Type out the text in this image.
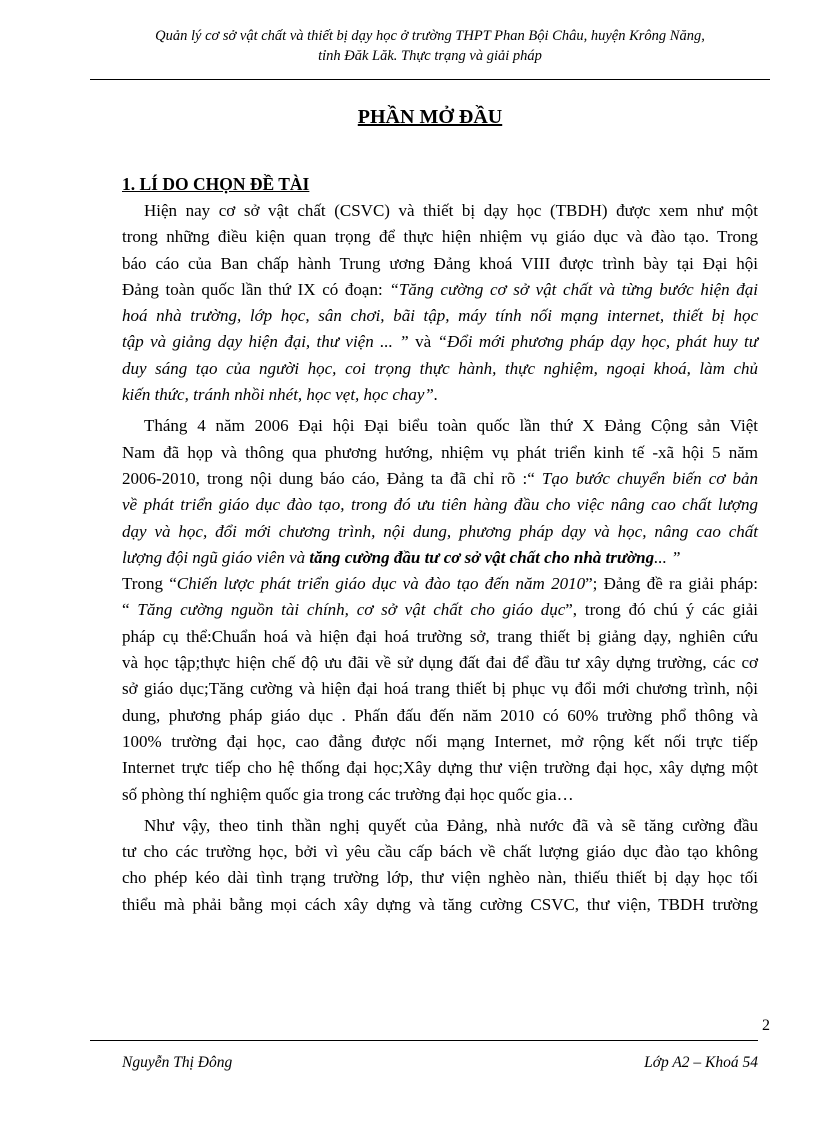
Quản lý cơ sở vật chất và thiết bị dạy học ở trường THPT Phan Bội Châu, huyện Krông Năng,
tỉnh Đăk Lăk. Thực trạng và giải pháp
PHẦN MỞ ĐẦU
1. LÍ DO CHỌN ĐỀ TÀI
Hiện nay cơ sở vật chất (CSVC) và thiết bị dạy học (TBDH) được xem như một
trong những điều kiện quan trọng để thực hiện nhiệm vụ giáo dục và đào tạo. Trong
báo cáo của Ban chấp hành Trung ương Đảng khoá VIII được trình bày tại Đại hội
Đảng toàn quốc lần thứ IX có đoạn: “Tăng cường cơ sở vật chất và từng bước hiện đại
hoá nhà trường, lớp học, sân chơi, bãi tập, máy tính nối mạng internet, thiết bị học
tập và giảng dạy hiện đại, thư viện ... ” và “Đổi mới phương pháp dạy học, phát huy tư
duy sáng tạo của người học, coi trọng thực hành, thực nghiệm, ngoại khoá, làm chủ
kiến thức, tránh nhồi nhét, học vẹt, học chay”.
Tháng 4 năm 2006 Đại hội Đại biểu toàn quốc lần thứ X Đảng Cộng sản Việt
Nam đã họp và thông qua phương hướng, nhiệm vụ phát triển kinh tế -xã hội 5 năm
2006-2010, trong nội dung báo cáo, Đảng ta đã chỉ rõ :“ Tạo bước chuyển biến cơ bản
về phát triển giáo dục đào tạo, trong đó ưu tiên hàng đầu cho việc nâng cao chất lượng
dạy và học, đổi mới chương trình, nội dung, phương pháp dạy và học, nâng cao chất
lượng đội ngũ giáo viên và tăng cường đầu tư cơ sở vật chất cho nhà trường... ”
Trong “Chiến lược phát triển giáo dục và đào tạo đến năm 2010”; Đảng đề ra giải pháp:
“ Tăng cường nguồn tài chính, cơ sở vật chất cho giáo dục”, trong đó chú ý các giải
pháp cụ thể:Chuẩn hoá và hiện đại hoá trường sở, trang thiết bị giảng dạy, nghiên cứu
và học tập;thực hiện chế độ ưu đãi về sử dụng đất đai để đầu tư xây dựng trường, các cơ
sở giáo dục;Tăng cường và hiện đại hoá trang thiết bị phục vụ đổi mới chương trình, nội
dung, phương pháp giáo dục . Phấn đấu đến năm 2010 có 60% trường phổ thông và
100% trường đại học, cao đẳng được nối mạng Internet, mở rộng kết nối trực tiếp
Internet trực tiếp cho hệ thống đại học;Xây dựng thư viện trường đại học, xây dựng một
số phòng thí nghiệm quốc gia trong các trường đại học quốc gia…
Như vậy, theo tinh thần nghị quyết của Đảng, nhà nước đã và sẽ tăng cường đầu
tư cho các trường học, bởi vì yêu cầu cấp bách về chất lượng giáo dục đào tạo không
cho phép kéo dài tình trạng trường lớp, thư viện nghèo nàn, thiếu thiết bị dạy học tối
thiểu mà phải bằng mọi cách xây dựng và tăng cường CSVC, thư viện, TBDH trường
2
Nguyễn Thị Đông	Lớp A2 – Khoá 54
